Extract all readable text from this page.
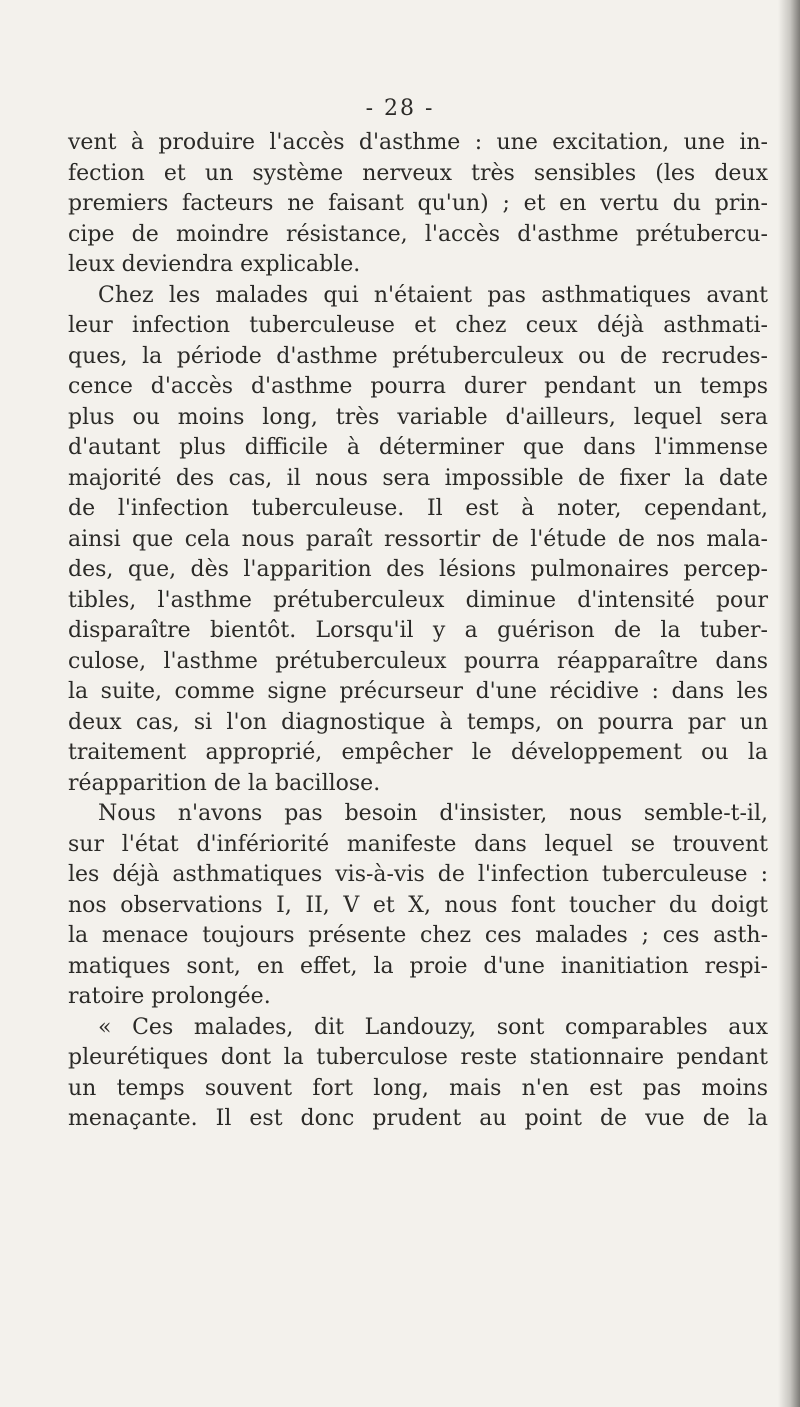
- 28 -
vent à produire l'accès d'asthme : une excitation, une in-
fection et un système nerveux très sensibles (les deux
premiers facteurs ne faisant qu'un) ; et en vertu du prin-
cipe de moindre résistance, l'accès d'asthme prétubercu-
leux deviendra explicable.
Chez les malades qui n'étaient pas asthmatiques avant
leur infection tuberculeuse et chez ceux déjà asthmati-
ques, la période d'asthme prétuberculeux ou de recrudes-
cence d'accès d'asthme pourra durer pendant un temps
plus ou moins long, très variable d'ailleurs, lequel sera
d'autant plus difficile à déterminer que dans l'immense
majorité des cas, il nous sera impossible de fixer la date
de l'infection tuberculeuse. Il est à noter, cependant,
ainsi que cela nous paraît ressortir de l'étude de nos mala-
des, que, dès l'apparition des lésions pulmonaires percep-
tibles, l'asthme prétuberculeux diminue d'intensité pour
disparaître bientôt. Lorsqu'il y a guérison de la tuber-
culose, l'asthme prétuberculeux pourra réapparaître dans
la suite, comme signe précurseur d'une récidive : dans les
deux cas, si l'on diagnostique à temps, on pourra par un
traitement approprié, empêcher le développement ou la
réapparition de la bacillose.
Nous n'avons pas besoin d'insister, nous semble-t-il,
sur l'état d'infériorité manifeste dans lequel se trouvent
les déjà asthmatiques vis-à-vis de l'infection tuberculeuse :
nos observations I, II, V et X, nous font toucher du doigt
la menace toujours présente chez ces malades ; ces asth-
matiques sont, en effet, la proie d'une inanitiation respi-
ratoire prolongée.
« Ces malades, dit Landouzy, sont comparables aux
pleurétiques dont la tuberculose reste stationnaire pendant
un temps souvent fort long, mais n'en est pas moins
menaçante. Il est donc prudent au point de vue de la
